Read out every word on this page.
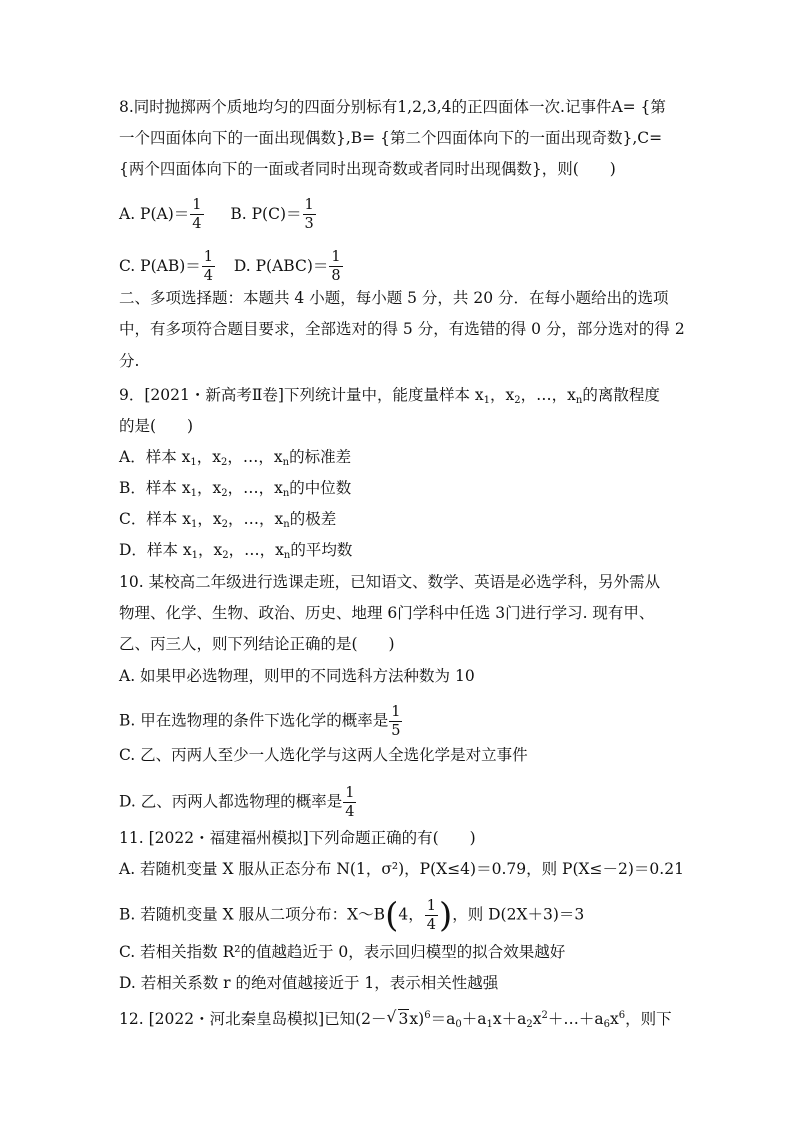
8.同时抛掷两个质地均匀的四面分别标有1,2,3,4的正四面体一次.记事件A= {第
一个四面体向下的一面出现偶数},B= {第二个四面体向下的一面出现奇数},C=
{两个四面体向下的一面或者同时出现奇数或者同时出现偶数}，则(　　)
A. $P(A)= \frac{1}{4} B$. $P(C)= \frac{1}{3}$
C. $P(AB)= \frac{1}{4} D$. $P(ABC)= \frac{1}{8}$
二、多项选择题：本题共 4 小题，每小题 5 分，共 20 分．在每小题给出的选项
中，有多项符合题目要求，全部选对的得 5 分，有选错的得 0 分，部分选对的得 2
分.
9．[2021・新高考Ⅱ卷]下列统计量中，能度量样本 $x_1$，$x_2$，…，$x_n$的离散程度
的是(　　)
A．样本 $x_1$，$x_2$，…，$x_n$的标准差
B．样本 $x_1$，$x_2$，…，$x_n$的中位数
C．样本 $x_1$，$x_2$，…，$x_n$的极差
D．样本 $x_1$，$x_2$，…，$x_n$的平均数
10. 某校高二年级进行选课走班，已知语文、数学、英语是必选学科，另外需从
物理、化学、生物、政治、历史、地理 6门学科中任选 3门进行学习. 现有甲、
乙、丙三人，则下列结论正确的是(　　)
A. 如果甲必选物理，则甲的不同选科方法种数为 10
B. 甲在选物理的条件下选化学的概率是 $\frac{1}{5}$
C. 乙、丙两人至少一人选化学与这两人全选化学是对立事件
D. 乙、丙两人都选物理的概率是 $\frac{1}{4}$
11. [2022・福建福州模拟]下列命题正确的有(　　)
A. 若随机变量 X 服从正态分布 N(1，σ²)，P(X≤4)＝0.79，则 P(X≤－2)＝0.21
B. 若随机变量 X 服从二项分布：X～B(4， $\frac{1}{4}$ )，则 D(2X＋3)＝3
C. 若相关指数 R²的值越趋近于 0，表示回归模型的拟合效果越好
D. 若相关系数 r 的绝对值越接近于 1，表示相关性越强
12. [2022・河北秦皇岛模拟]已知(2－√ $3x)^6=a_0+a_1x+a_2x^2+\dots+a_6x^6$，则下
